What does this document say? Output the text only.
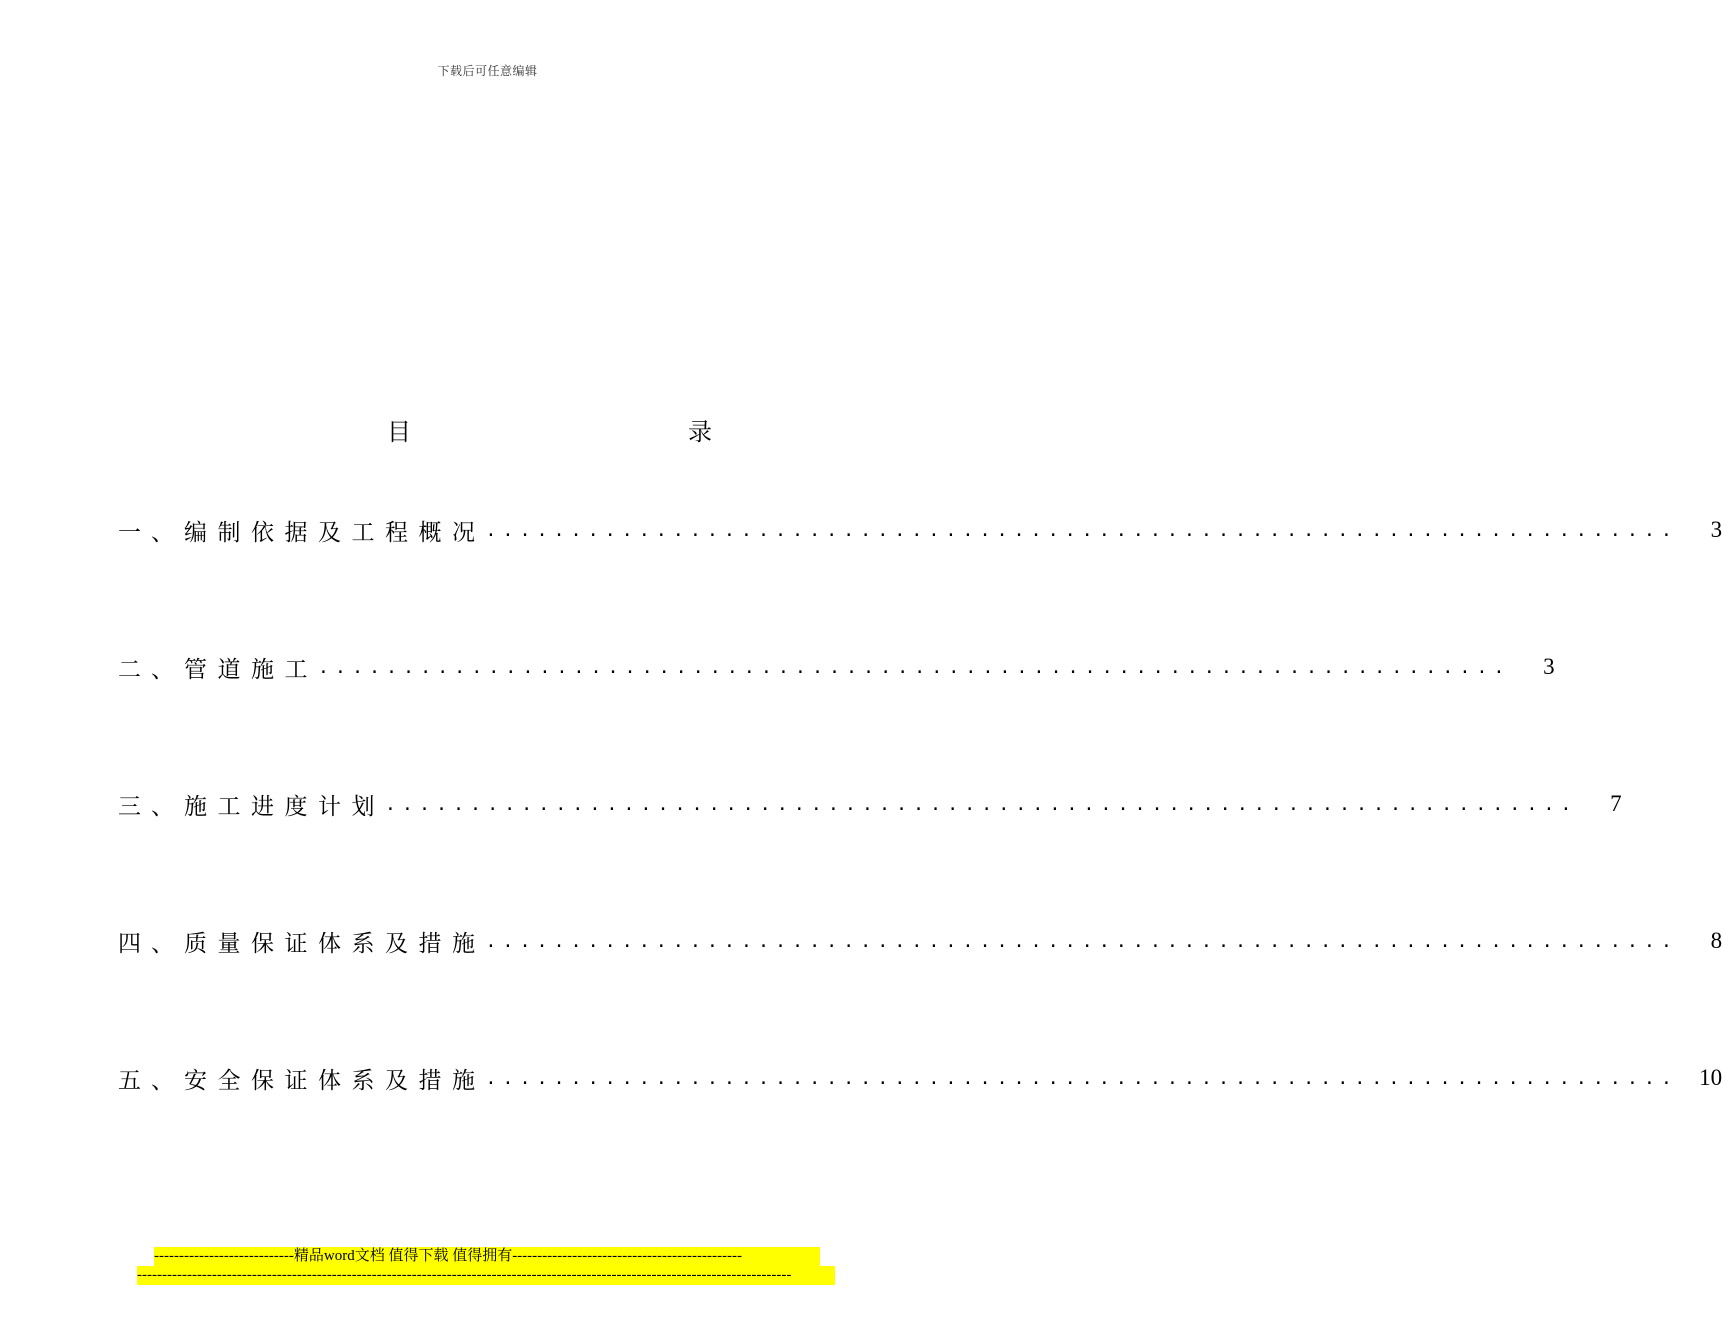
下载后可任意编辑
目	录
一、 编制依据及工程概况 ......................................................................	3
二、 管道施工 ......................................................................	3
三、 施工进度计划 ......................................................................	7
四、 质量保证体系及措施 ......................................................................	8
五、 安全保证体系及措施 ...................................................................... 10
----------------------------精品word文档 值得下载 值得拥有----------------------------------------------
-----------------------------------------------------------------------------------------------------------------------------------
